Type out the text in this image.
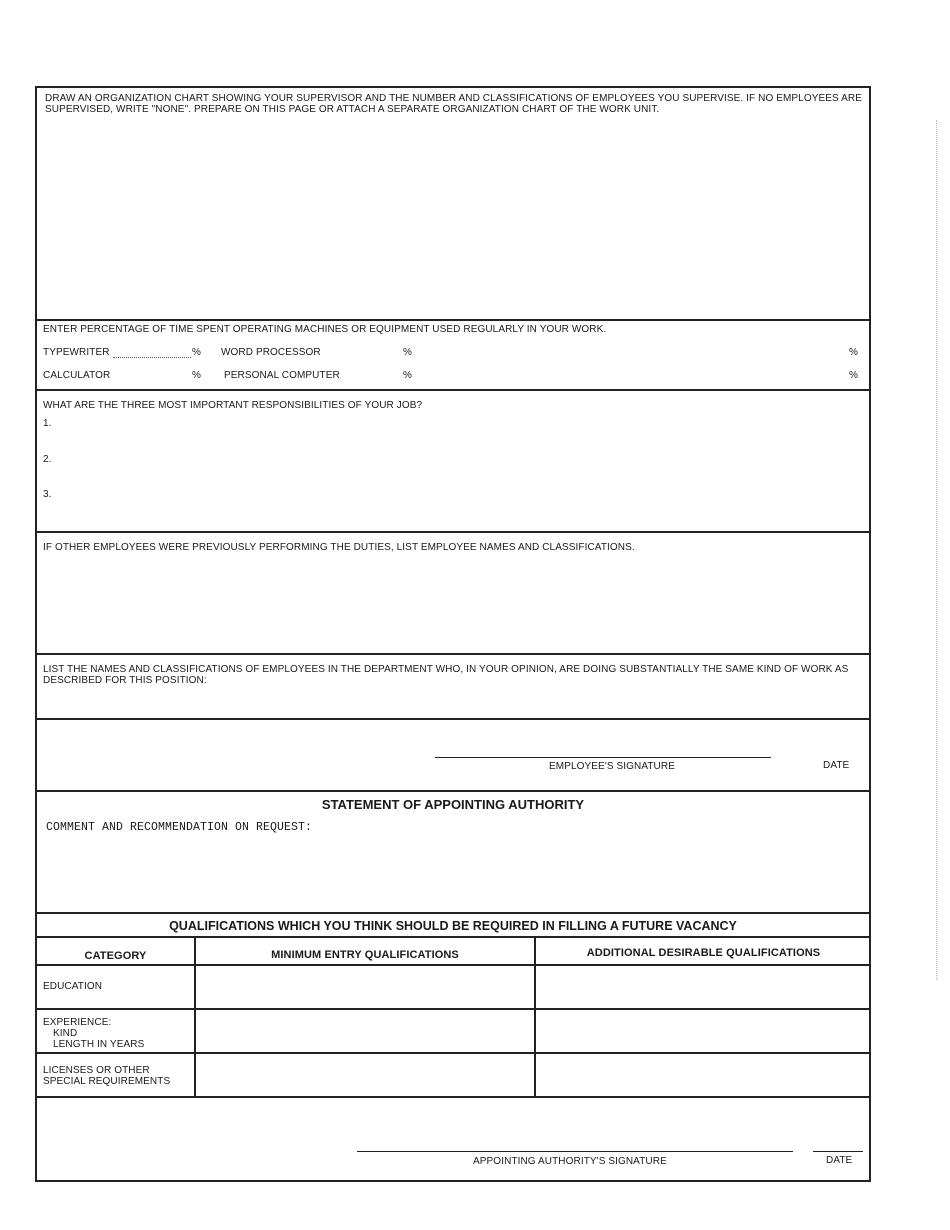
DRAW AN ORGANIZATION CHART SHOWING YOUR SUPERVISOR AND THE NUMBER AND CLASSIFICATIONS OF EMPLOYEES YOU SUPERVISE. IF NO EMPLOYEES ARE SUPERVISED, WRITE "NONE". PREPARE ON THIS PAGE OR ATTACH A SEPARATE ORGANIZATION CHART OF THE WORK UNIT.
ENTER PERCENTAGE OF TIME SPENT OPERATING MACHINES OR EQUIPMENT USED REGULARLY IN YOUR WORK.
TYPEWRITER	% WORD PROCESSOR	%	%
CALCULATOR	% PERSONAL COMPUTER	%	%
WHAT ARE THE THREE MOST IMPORTANT RESPONSIBILITIES OF YOUR JOB?
1.
2.
3.
IF OTHER EMPLOYEES WERE PREVIOUSLY PERFORMING THE DUTIES, LIST EMPLOYEE NAMES AND CLASSIFICATIONS.
LIST THE NAMES AND CLASSIFICATIONS OF EMPLOYEES IN THE DEPARTMENT WHO, IN YOUR OPINION, ARE DOING SUBSTANTIALLY THE SAME KIND OF WORK AS DESCRIBED FOR THIS POSITION:
EMPLOYEE'S SIGNATURE	DATE
STATEMENT OF APPOINTING AUTHORITY
COMMENT AND RECOMMENDATION ON REQUEST:
QUALIFICATIONS WHICH YOU THINK SHOULD BE REQUIRED IN FILLING A FUTURE VACANCY
CATEGORY	MINIMUM ENTRY QUALIFICATIONS	ADDITIONAL DESIRABLE QUALIFICATIONS
EDUCATION
EXPERIENCE:
KIND
LENGTH IN YEARS
LICENSES OR OTHER
SPECIAL REQUIREMENTS
APPOINTING AUTHORITY'S SIGNATURE	DATE
